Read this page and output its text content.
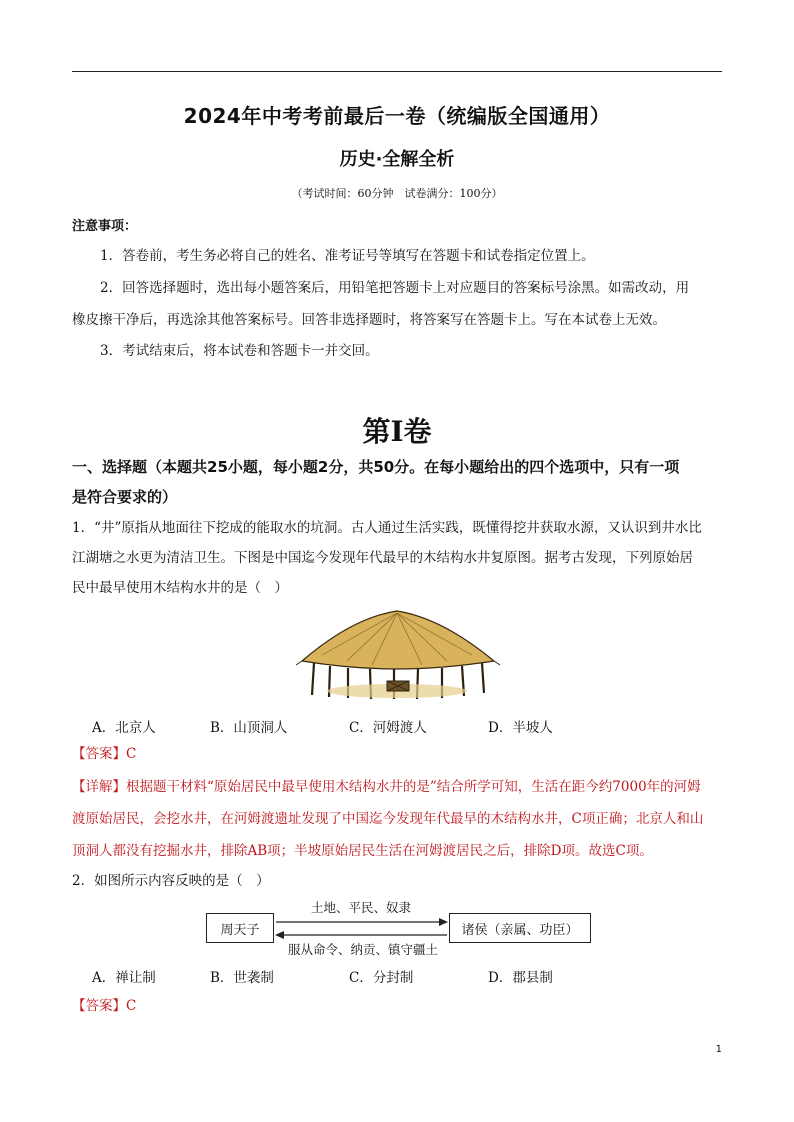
2024年中考考前最后一卷（统编版全国通用）
历史·全解全析
（考试时间：60分钟　试卷满分：100分）
注意事项：
1．答卷前，考生务必将自己的姓名、准考证号等填写在答题卡和试卷指定位置上。
2．回答选择题时，选出每小题答案后，用铅笔把答题卡上对应题目的答案标号涂黑。如需改动，用
橡皮擦干净后，再选涂其他答案标号。回答非选择题时，将答案写在答题卡上。写在本试卷上无效。
3．考试结束后，将本试卷和答题卡一并交回。
第I卷
一、选择题（本题共25小题，每小题2分，共50分。在每小题给出的四个选项中，只有一项
是符合要求的）
1．“井”原指从地面往下挖成的能取水的坑洞。古人通过生活实践，既懂得挖井获取水源，又认识到井水比
江湖塘之水更为清洁卫生。下图是中国迄今发现年代最早的木结构水井复原图。据考古发现，下列原始居
民中最早使用木结构水井的是（　）
A．北京人	B．山顶洞人	C．河姆渡人	D．半坡人
【答案】C
【详解】根据题干材料“原始居民中最早使用木结构水井的是”结合所学可知，生活在距今约7000年的河姆
渡原始居民，会挖水井，在河姆渡遗址发现了中国迄今发现年代最早的木结构水井，C项正确；北京人和山
顶洞人都没有挖掘水井，排除AB项；半坡原始居民生活在河姆渡居民之后，排除D项。故选C项。
2．如图所示内容反映的是（　）
周天子	诸侯（亲属、功臣）
土地、平民、奴隶
服从命令、纳贡、镇守疆土
A．禅让制	B．世袭制	C．分封制	D．郡县制
【答案】C
1
